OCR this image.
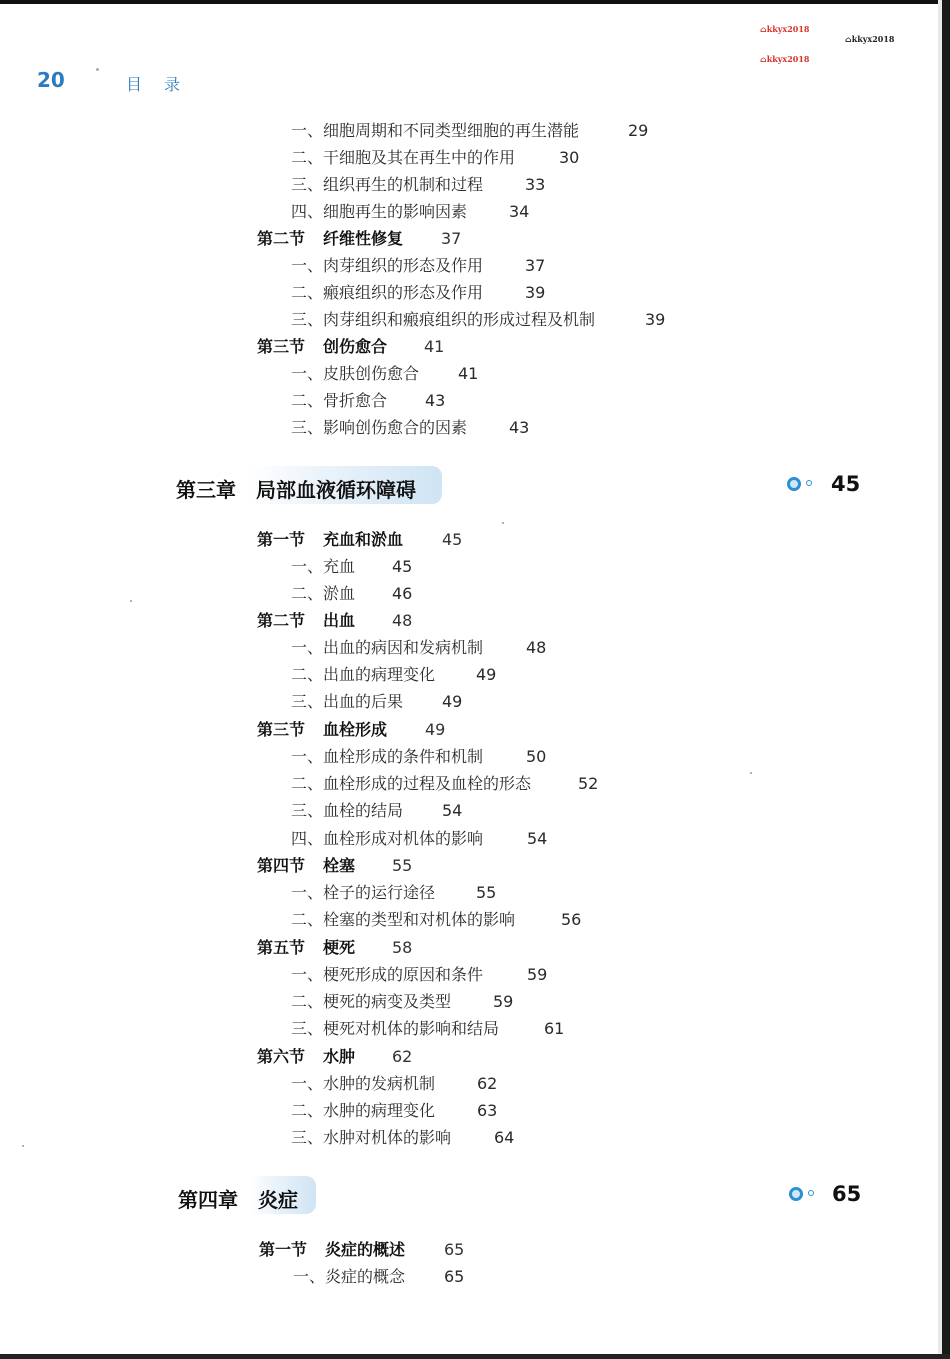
⌂kkyx2018
⌂kkyx2018
⌂kkyx2018
20	目录
一、细胞周期和不同类型细胞的再生潜能	29
二、干细胞及其在再生中的作用	30
三、组织再生的机制和过程	33
四、细胞再生的影响因素	34
第二节 纤维性修复 37
一、肉芽组织的形态及作用	37
二、瘢痕组织的形态及作用	39
三、肉芽组织和瘢痕组织的形成过程及机制	39
第三节 创伤愈合 41
一、皮肤创伤愈合 41
二、骨折愈合 43
三、影响创伤愈合的因素	43
第三章 局部血液循环障碍	45
第一节 充血和淤血 45
一、充血 45
二、淤血 46
第二节 出血 48
一、出血的病因和发病机制	48
二、出血的病理变化	49
三、出血的后果 49
第三节 血栓形成 49
一、血栓形成的条件和机制	50
二、血栓形成的过程及血栓的形态	52
三、血栓的结局 54
四、血栓形成对机体的影响	54
第四节 栓塞 55
一、栓子的运行途径	55
二、栓塞的类型和对机体的影响	56
第五节 梗死 58
一、梗死形成的原因和条件	59
二、梗死的病变及类型	59
三、梗死对机体的影响和结局	61
第六节 水肿 62
一、水肿的发病机制	62
二、水肿的病理变化	63
三、水肿对机体的影响	64
第四章 炎症	65
第一节 炎症的概述 65
一、炎症的概念 65
